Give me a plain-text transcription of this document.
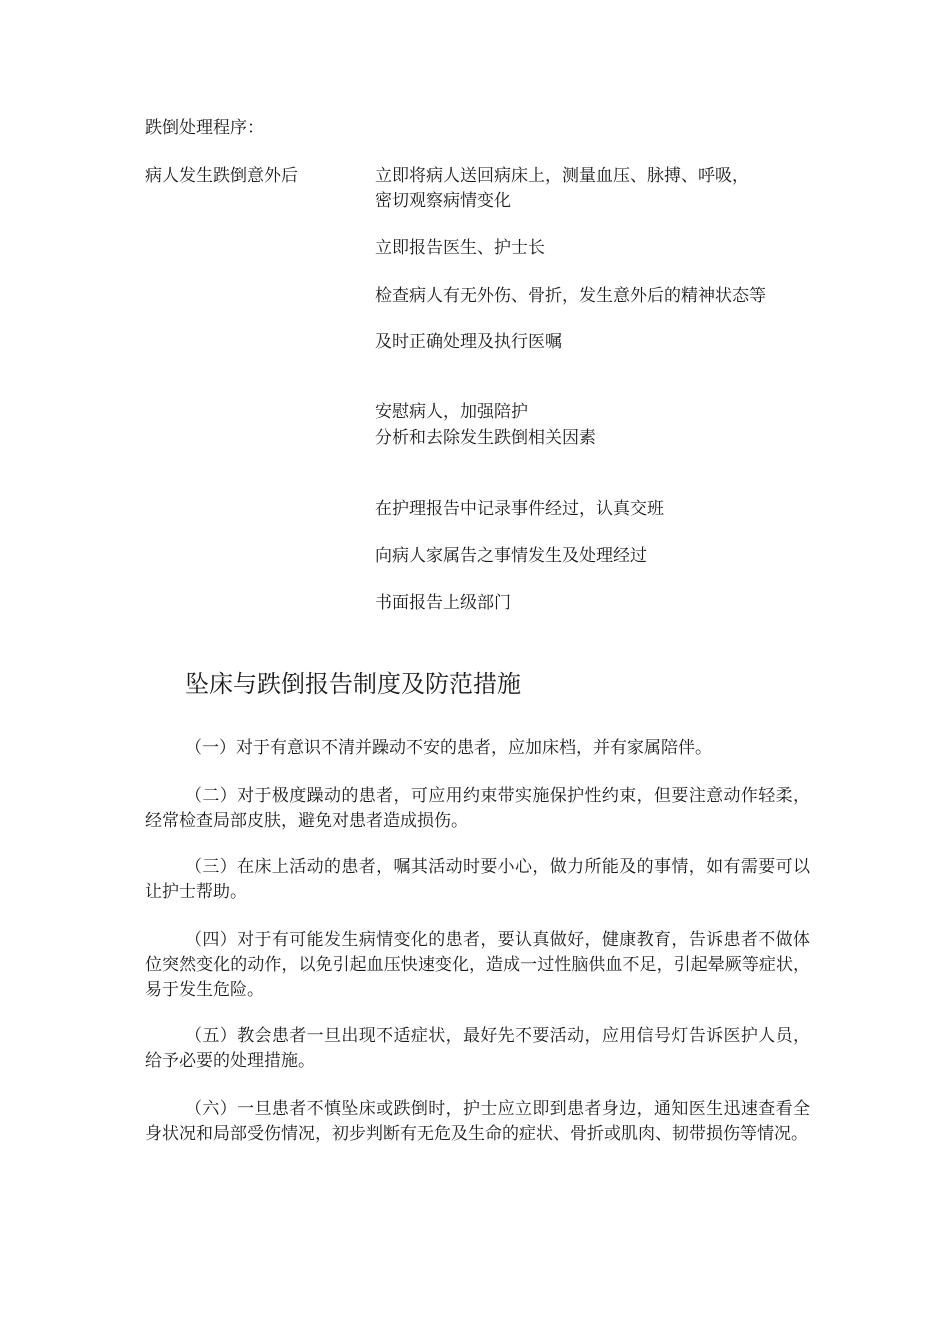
跌倒处理程序：
病人发生跌倒意外后	立即将病人送回病床上，测量血压、脉搏、呼吸，
密切观察病情变化
立即报告医生、护士长
检查病人有无外伤、骨折，发生意外后的精神状态等
及时正确处理及执行医嘱
安慰病人，加强陪护
分析和去除发生跌倒相关因素
在护理报告中记录事件经过，认真交班
向病人家属告之事情发生及处理经过
书面报告上级部门
坠床与跌倒报告制度及防范措施
（一）对于有意识不清并躁动不安的患者，应加床档，并有家属陪伴。
（二）对于极度躁动的患者，可应用约束带实施保护性约束，但要注意动作轻柔，经常检查局部皮肤，避免对患者造成损伤。
（三）在床上活动的患者，嘱其活动时要小心，做力所能及的事情，如有需要可以让护士帮助。
（四）对于有可能发生病情变化的患者，要认真做好，健康教育，告诉患者不做体位突然变化的动作，以免引起血压快速变化，造成一过性脑供血不足，引起晕厥等症状，易于发生危险。
（五）教会患者一旦出现不适症状，最好先不要活动，应用信号灯告诉医护人员，给予必要的处理措施。
（六）一旦患者不慎坠床或跌倒时，护士应立即到患者身边，通知医生迅速查看全身状况和局部受伤情况，初步判断有无危及生命的症状、骨折或肌肉、韧带损伤等情况。
